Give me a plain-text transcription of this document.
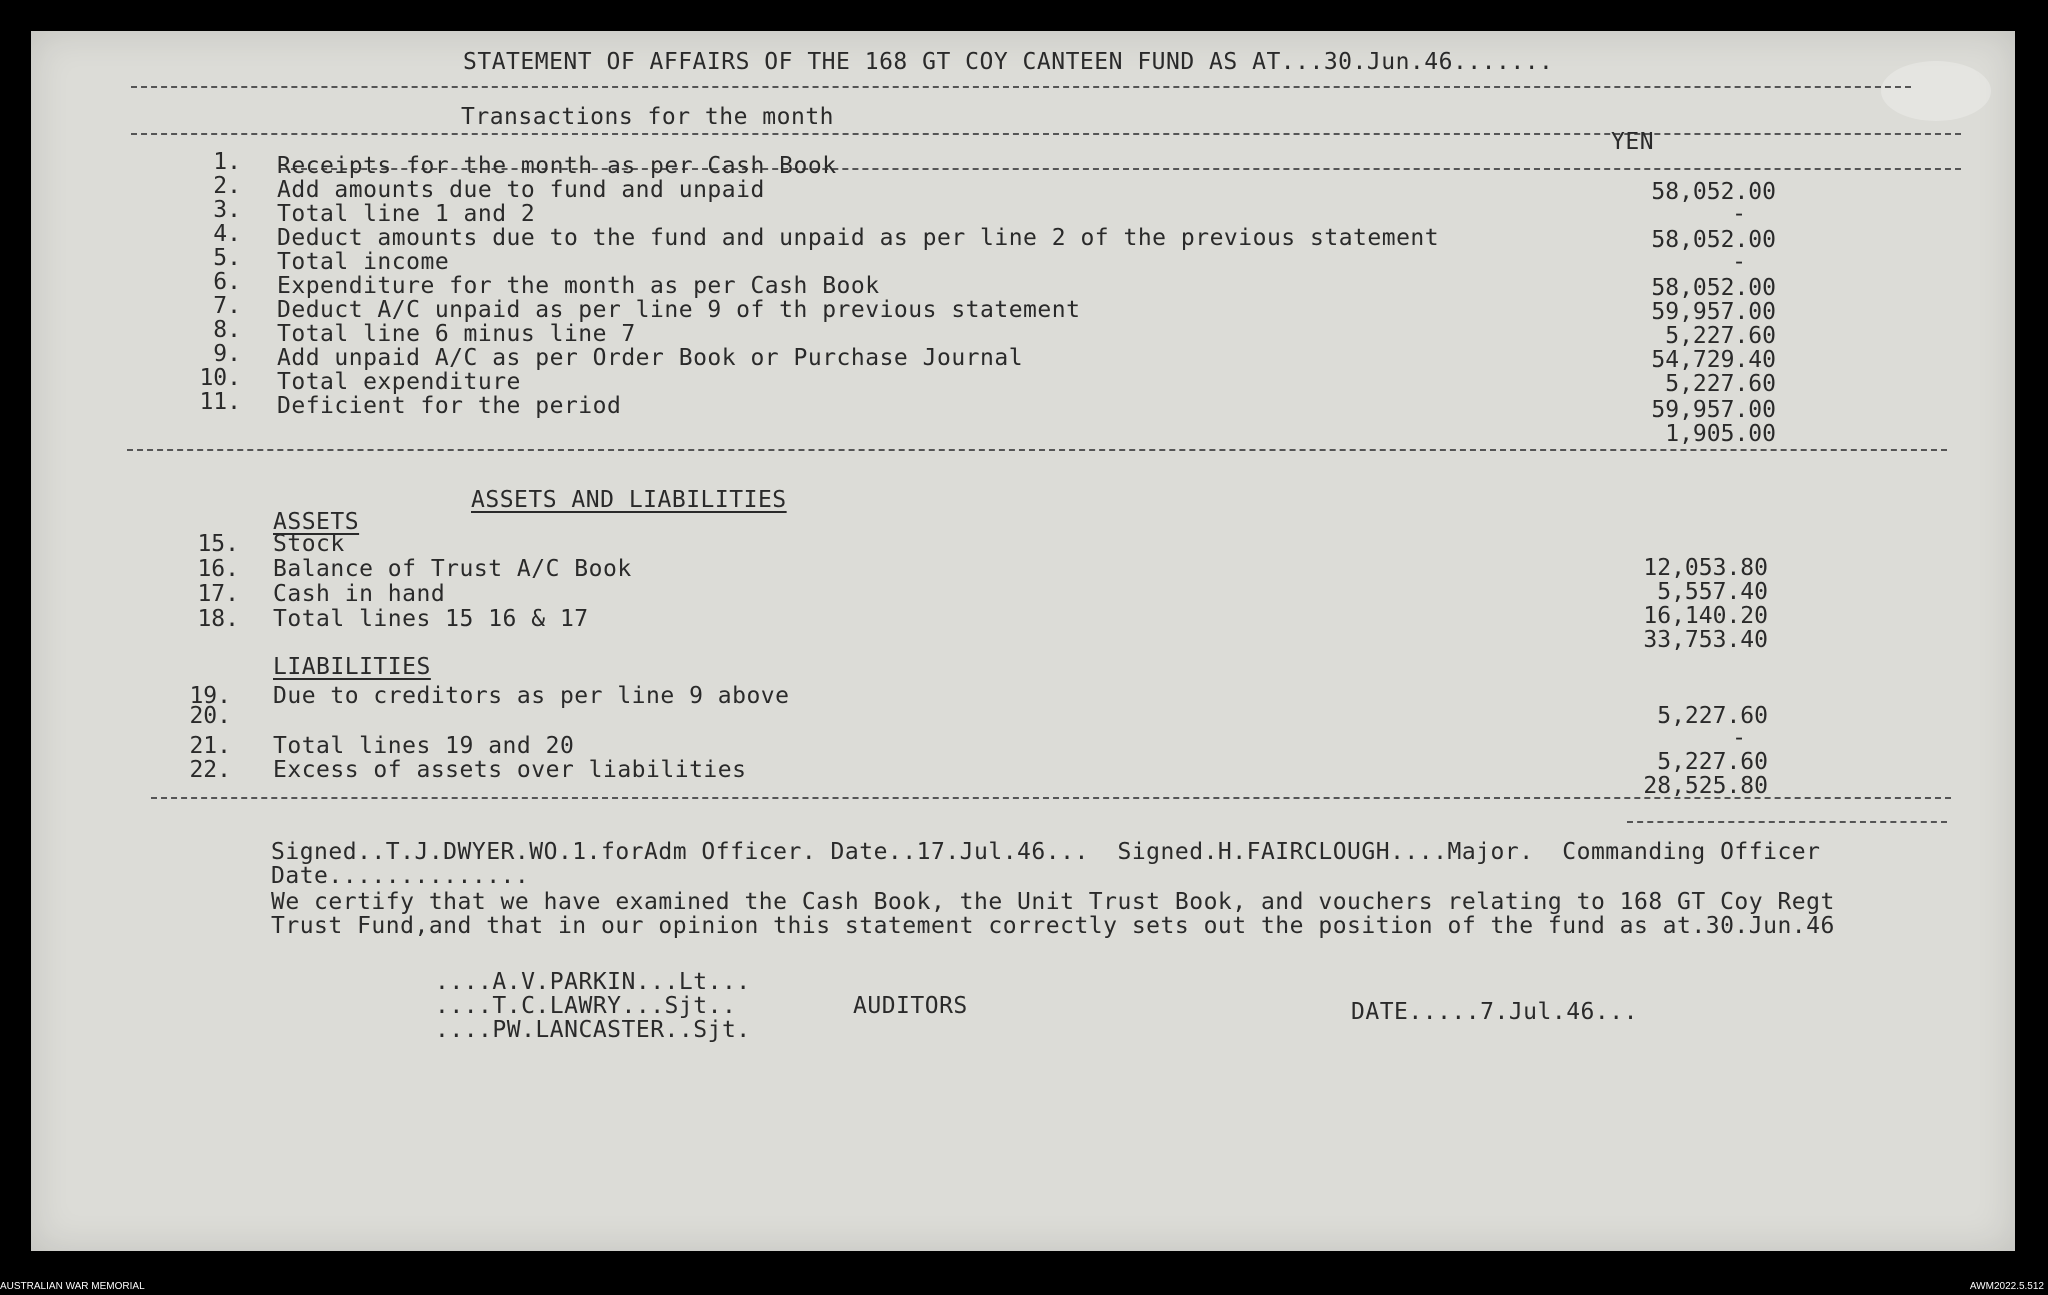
STATEMENT OF AFFAIRS OF THE 168 GT COY CANTEEN FUND AS AT...30.Jun.46.......
Transactions for the month
YEN
1. Receipts for the month as per Cash Book
2. Add amounts due to fund and unpaid
3. Total line 1 and 2
4. Deduct amounts due to the fund and unpaid as per line 2 of the previous statement
5. Total income
6. Expenditure for the month as per Cash Book
7. Deduct A/C unpaid as per line 9 of th previous statement
8. Total line 6 minus line 7
9. Add unpaid A/C as per Order Book or Purchase Journal
10. Total expenditure
11. Deficient for the period
58,052.00
-
58,052.00
-
58,052.00
59,957.00
5,227.60
54,729.40
5,227.60
59,957.00
1,905.00
ASSETS AND LIABILITIES
ASSETS
15. Stock
16. Balance of Trust A/C Book
17. Cash in hand
18. Total lines 15 16 & 17
12,053.80
5,557.40
16,140.20
33,753.40
LIABILITIES
19. Due to creditors as per line 9 above
20.
21. Total lines 19 and 20
22. Excess of assets over liabilities
5,227.60
-
5,227.60
28,525.80
Signed..T.J.DWYER.WO.1.forAdm Officer. Date..17.Jul.46...  Signed.H.FAIRCLOUGH....Major.  Commanding Officer
Date..............
We certify that we have examined the Cash Book, the Unit Trust Book, and vouchers relating to 168 GT Coy Regt
Trust Fund,and that in our opinion this statement correctly sets out the position of the fund as at.30.Jun.46
....A.V.PARKIN...Lt...
....T.C.LAWRY...Sjt..
....PW.LANCASTER..Sjt.
AUDITORS	DATE.....7.Jul.46...
AUSTRALIAN WAR MEMORIAL	AWM2022.5.512
